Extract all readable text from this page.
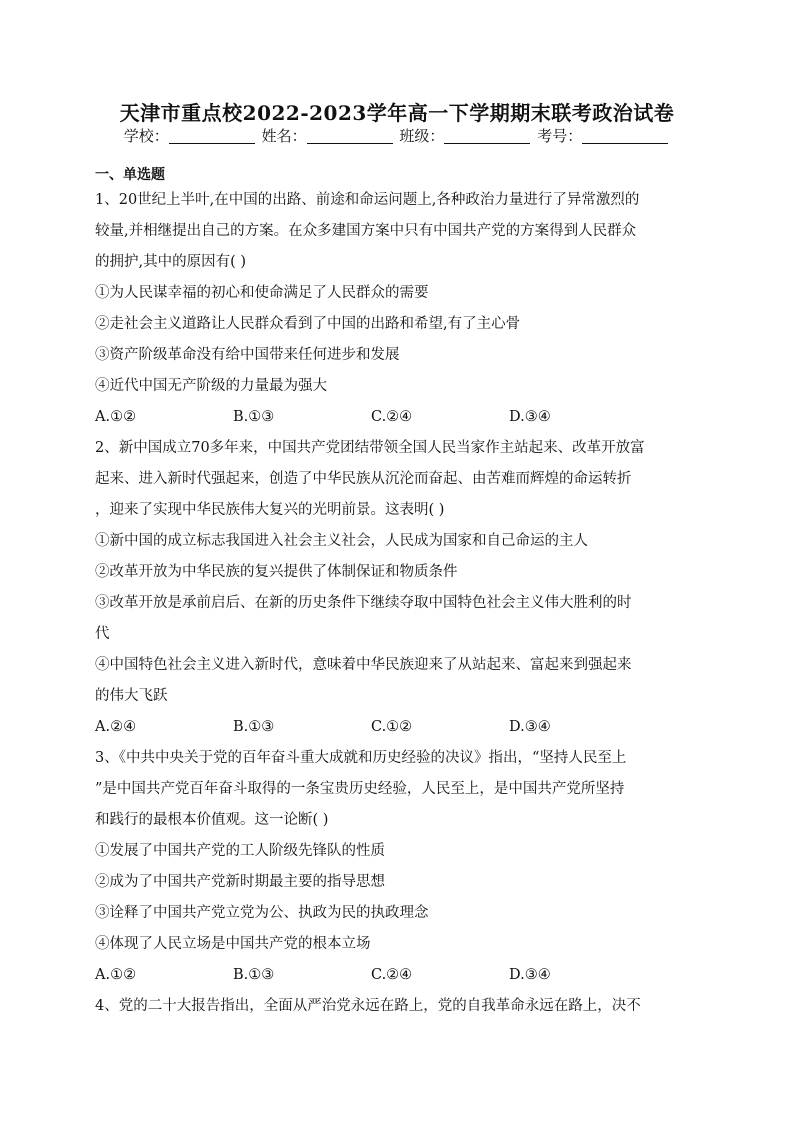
天津市重点校2022-2023学年高一下学期期末联考政治试卷
学校：	姓名：	班级：	考号：
一、单选题
1、20世纪上半叶,在中国的出路、前途和命运问题上,各种政治力量进行了异常激烈的
较量,并相继提出自己的方案。在众多建国方案中只有中国共产党的方案得到人民群众
的拥护,其中的原因有( )
①为人民谋幸福的初心和使命满足了人民群众的需要
②走社会主义道路让人民群众看到了中国的出路和希望,有了主心骨
③资产阶级革命没有给中国带来任何进步和发展
④近代中国无产阶级的力量最为强大
A.①②	B.①③	C.②④	D.③④
2、新中国成立70多年来，中国共产党团结带领全国人民当家作主站起来、改革开放富
起来、进入新时代强起来，创造了中华民族从沉沦而奋起、由苦难而辉煌的命运转折
，迎来了实现中华民族伟大复兴的光明前景。这表明( )
①新中国的成立标志我国进入社会主义社会，人民成为国家和自己命运的主人
②改革开放为中华民族的复兴提供了体制保证和物质条件
③改革开放是承前启后、在新的历史条件下继续夺取中国特色社会主义伟大胜利的时
代
④中国特色社会主义进入新时代，意味着中华民族迎来了从站起来、富起来到强起来
的伟大飞跃
A.②④	B.①③	C.①②	D.③④
3、《中共中央关于党的百年奋斗重大成就和历史经验的决议》指出，“坚持人民至上
”是中国共产党百年奋斗取得的一条宝贵历史经验，人民至上，是中国共产党所坚持
和践行的最根本价值观。这一论断( )
①发展了中国共产党的工人阶级先锋队的性质
②成为了中国共产党新时期最主要的指导思想
③诠释了中国共产党立党为公、执政为民的执政理念
④体现了人民立场是中国共产党的根本立场
A.①②	B.①③	C.②④	D.③④
4、党的二十大报告指出，全面从严治党永远在路上，党的自我革命永远在路上，决不
